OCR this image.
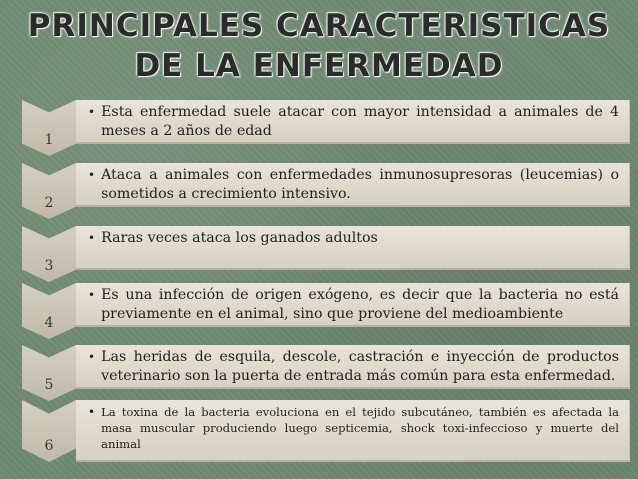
PRINCIPALES CARACTERISTICAS
DE LA ENFERMEDAD
1
• Esta enfermedad suele atacar con mayor intensidad a animales de 4 meses a 2 años de edad
2
• Ataca a animales con enfermedades inmunosupresoras (leucemias) o sometidos a crecimiento intensivo.
3
• Raras veces ataca los ganados adultos
4
• Es una infección de origen exógeno, es decir que la bacteria no está previamente en el animal, sino que proviene del medioambiente
5
• Las heridas de esquila, descole, castración e inyección de productos veterinario son la puerta de entrada más común para esta enfermedad.
6
• La toxina de la bacteria evoluciona en el tejido subcutáneo, también es afectada la masa muscular produciendo luego septicemia, shock toxi-infeccioso y muerte del animal
